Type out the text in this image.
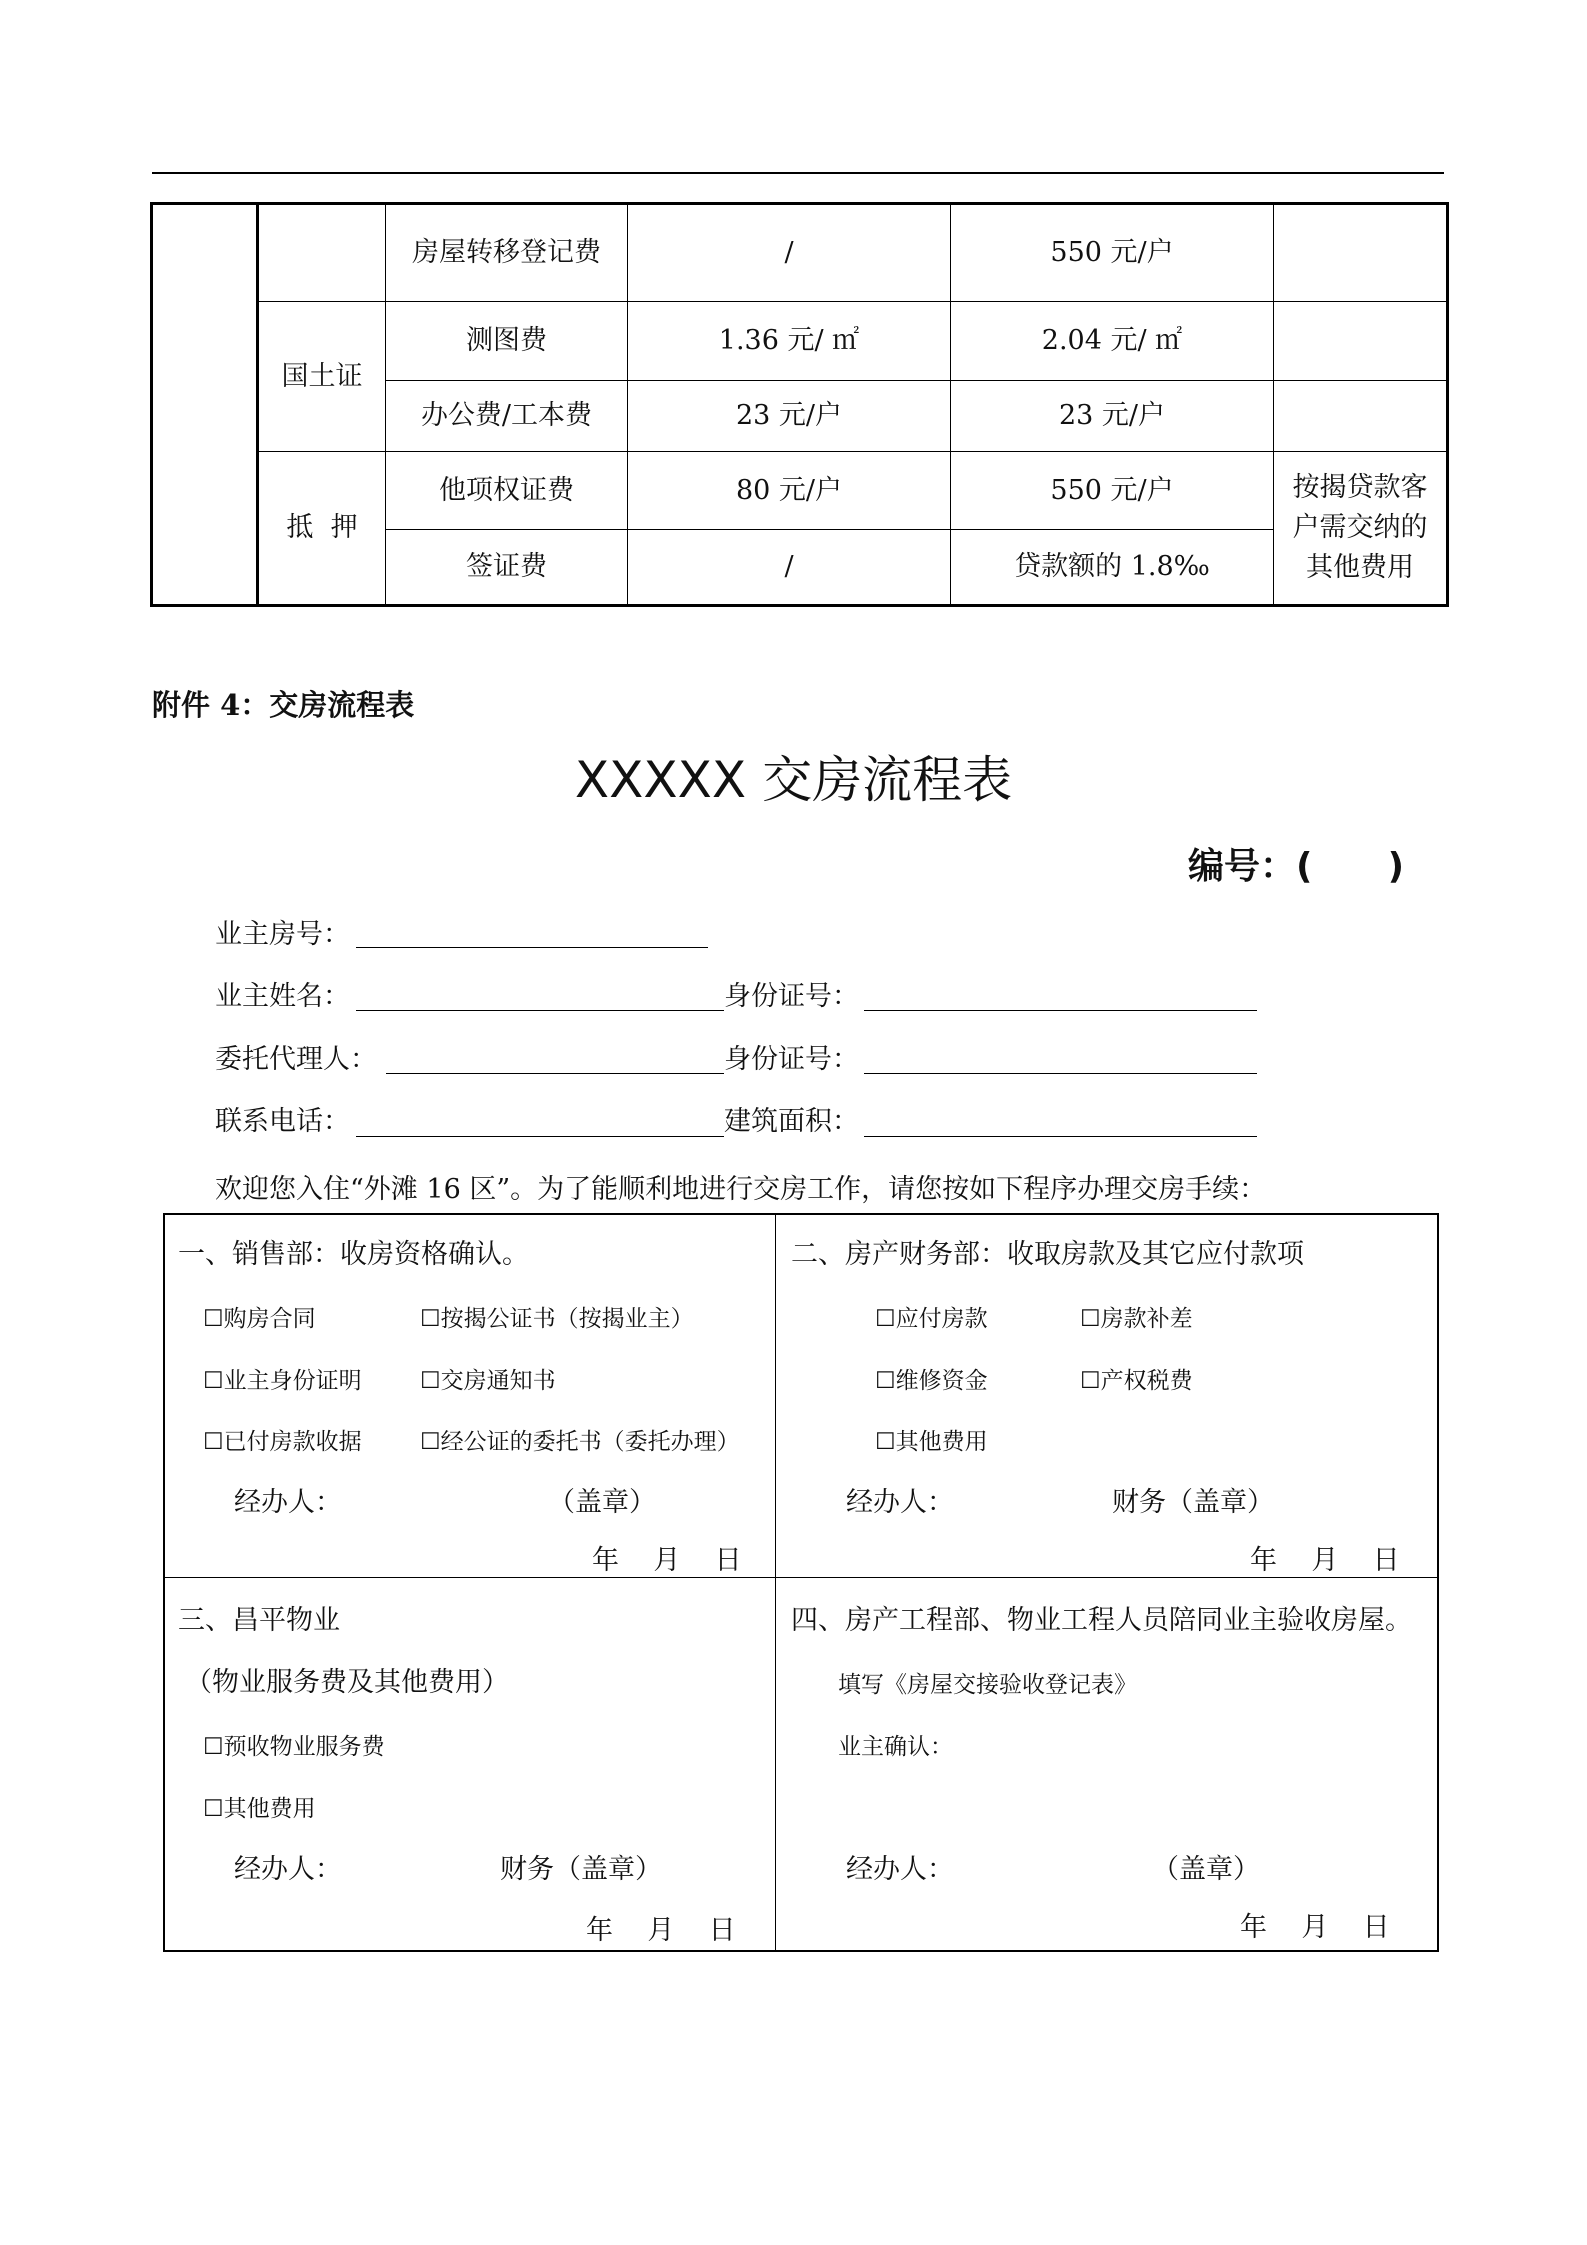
		房屋转移登记费	/	550 元/户	
	国土证	测图费	1.36 元/ ㎡	2.04 元/ ㎡	
		办公费/工本费	23 元/户	23 元/户	
	抵  押	他项权证费	80 元/户	550 元/户	按揭贷款客户需交纳的其他费用
		签证费	/	贷款额的 1.8‰	
附件 4：交房流程表
XXXXX 交房流程表
编号：(      )
业主房号：
业主姓名：	身份证号：
委托代理人：	身份证号：
联系电话：	建筑面积：
欢迎您入住“外滩 16 区”。为了能顺利地进行交房工作，请您按如下程序办理交房手续：
一、销售部：收房资格确认。
☐购房合同	☐按揭公证书（按揭业主）
☐业主身份证明	☐交房通知书
☐已付房款收据	☐经公证的委托书（委托办理）
经办人：	（盖章）
年    月    日
二、房产财务部：收取房款及其它应付款项
☐应付房款	☐房款补差
☐维修资金	☐产权税费
☐其他费用
经办人：	财务（盖章）
年    月    日
三、昌平物业
（物业服务费及其他费用）
☐预收物业服务费
☐其他费用
经办人：	财务（盖章）
年    月    日
四、房产工程部、物业工程人员陪同业主验收房屋。
填写《房屋交接验收登记表》
业主确认：
经办人：	（盖章）
年    月    日
